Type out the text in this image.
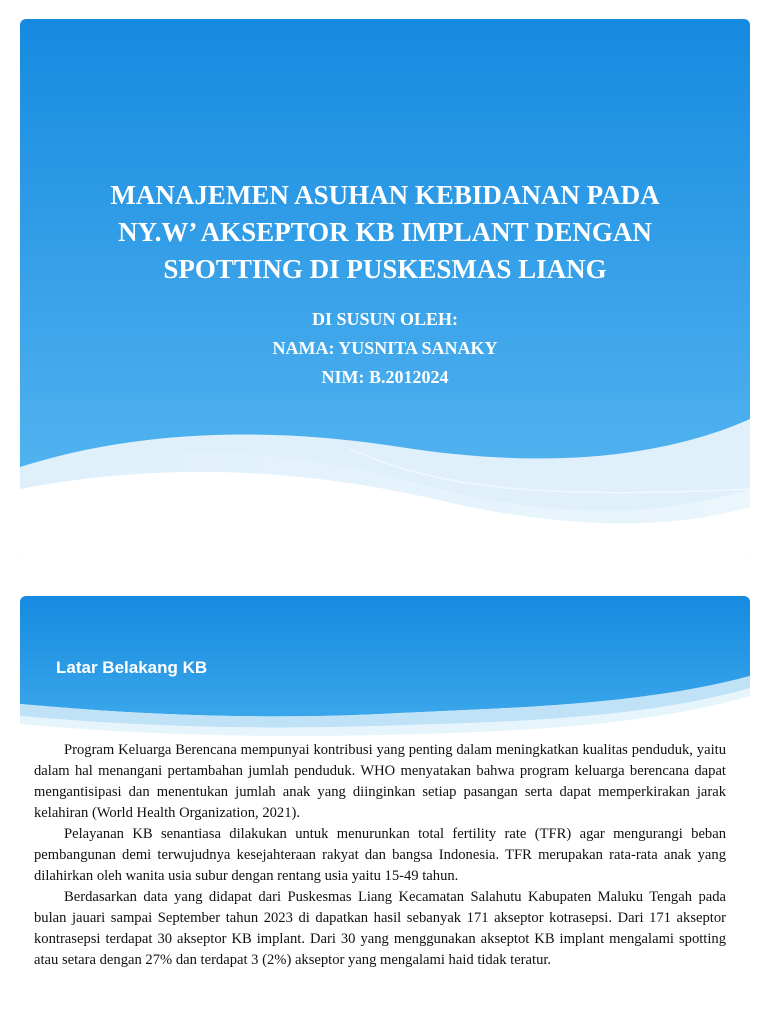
MANAJEMEN ASUHAN KEBIDANAN PADA
NY.W’ AKSEPTOR KB IMPLANT DENGAN
SPOTTING DI PUSKESMAS LIANG
DI SUSUN OLEH:
NAMA: YUSNITA SANAKY
NIM: B.2012024
Latar Belakang KB

Program Keluarga Berencana mempunyai kontribusi yang penting dalam meningkatkan kualitas penduduk, yaitu dalam hal menangani pertambahan jumlah penduduk. WHO menyatakan bahwa program keluarga berencana dapat mengantisipasi dan menentukan jumlah anak yang diinginkan setiap pasangan serta dapat memperkirakan jarak kelahiran (World Health Organization, 2021).

Pelayanan KB senantiasa dilakukan untuk menurunkan total fertility rate (TFR) agar mengurangi beban pembangunan demi terwujudnya kesejahteraan rakyat dan bangsa Indonesia. TFR merupakan rata-rata anak yang dilahirkan oleh wanita usia subur dengan rentang usia yaitu 15-49 tahun.

Berdasarkan data yang didapat dari Puskesmas Liang Kecamatan Salahutu Kabupaten Maluku Tengah pada bulan jauari sampai September tahun 2023 di dapatkan hasil sebanyak 171 akseptor kotrasepsi. Dari 171 akseptor kontrasepsi terdapat 30 akseptor KB implant. Dari 30 yang menggunakan akseptot KB implant mengalami spotting atau setara dengan 27% dan terdapat 3 (2%) akseptor yang mengalami haid tidak teratur.
